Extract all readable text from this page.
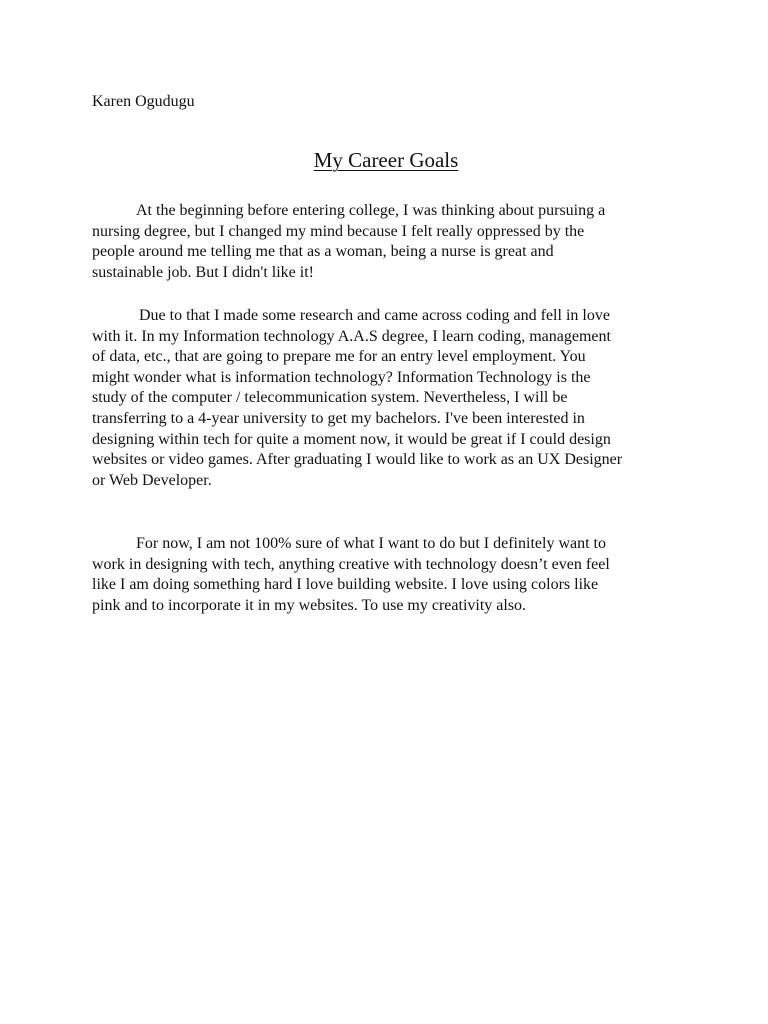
Karen Ogudugu
My Career Goals
At the beginning before entering college, I was thinking about pursuing a
nursing degree, but I changed my mind because I felt really oppressed by the
people around me telling me that as a woman, being a nurse is great and
sustainable job. But I didn't like it!
Due to that I made some research and came across coding and fell in love
with it. In my Information technology A.A.S degree, I learn coding, management
of data, etc., that are going to prepare me for an entry level employment. You
might wonder what is information technology? Information Technology is the
study of the computer / telecommunication system. Nevertheless, I will be
transferring to a 4-year university to get my bachelors. I've been interested in
designing within tech for quite a moment now, it would be great if I could design
websites or video games. After graduating I would like to work as an UX Designer
or Web Developer.
For now, I am not 100% sure of what I want to do but I definitely want to
work in designing with tech, anything creative with technology doesn’t even feel
like I am doing something hard I love building website. I love using colors like
pink and to incorporate it in my websites. To use my creativity also.
